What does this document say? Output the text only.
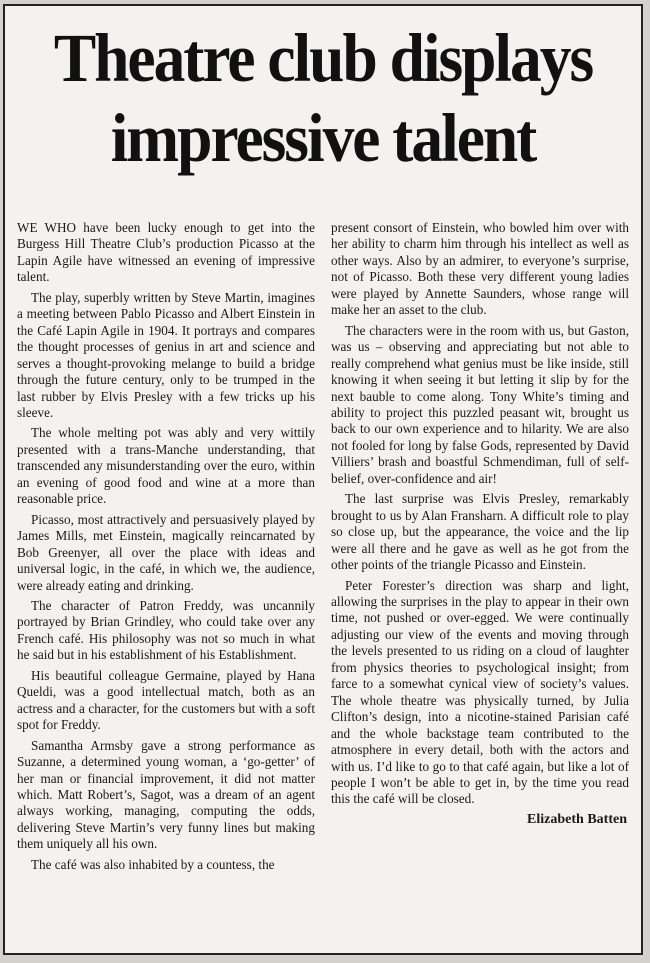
Theatre club displays
impressive talent

WE WHO have been lucky enough to get into the Burgess Hill Theatre Club’s production Picasso at the Lapin Agile have witnessed an evening of impressive talent.

The play, superbly written by Steve Martin, imagines a meeting between Pablo Picasso and Albert Einstein in the Café Lapin Agile in 1904. It portrays and compares the thought processes of genius in art and science and serves a thought-provoking melange to build a bridge through the future century, only to be trumped in the last rubber by Elvis Presley with a few tricks up his sleeve.

The whole melting pot was ably and very wittily presented with a trans-Manche understanding, that transcended any misunderstanding over the euro, within an evening of good food and wine at a more than reasonable price.

Picasso, most attractively and persuasively played by James Mills, met Einstein, magically reincarnated by Bob Greenyer, all over the place with ideas and universal logic, in the café, in which we, the audience, were already eating and drinking.

The character of Patron Freddy, was uncannily portrayed by Brian Grindley, who could take over any French café. His philosophy was not so much in what he said but in his establishment of his Establishment.

His beautiful colleague Germaine, played by Hana Queldi, was a good intellectual match, both as an actress and a character, for the customers but with a soft spot for Freddy.

Samantha Armsby gave a strong performance as Suzanne, a determined young woman, a ‘go-getter’ of her man or financial improvement, it did not matter which. Matt Robert’s, Sagot, was a dream of an agent always working, managing, computing the odds, delivering Steve Martin’s very funny lines but making them uniquely all his own.

The café was also inhabited by a countess, the

present consort of Einstein, who bowled him over with her ability to charm him through his intellect as well as other ways. Also by an admirer, to everyone’s surprise, not of Picasso. Both these very different young ladies were played by Annette Saunders, whose range will make her an asset to the club.

The characters were in the room with us, but Gaston, was us – observing and appreciating but not able to really comprehend what genius must be like inside, still knowing it when seeing it but letting it slip by for the next bauble to come along. Tony White’s timing and ability to project this puzzled peasant wit, brought us back to our own experience and to hilarity. We are also not fooled for long by false Gods, represented by David Villiers’ brash and boastful Schmendiman, full of self-belief, over-confidence and air!

The last surprise was Elvis Presley, remarkably brought to us by Alan Fransharn. A difficult role to play so close up, but the appearance, the voice and the lip were all there and he gave as well as he got from the other points of the triangle Picasso and Einstein.

Peter Forester’s direction was sharp and light, allowing the surprises in the play to appear in their own time, not pushed or over-egged. We were continually adjusting our view of the events and moving through the levels presented to us riding on a cloud of laughter from physics theories to psychological insight; from farce to a somewhat cynical view of society’s values. The whole theatre was physically turned, by Julia Clifton’s design, into a nicotine-stained Parisian café and the whole backstage team contributed to the atmosphere in every detail, both with the actors and with us. I’d like to go to that café again, but like a lot of people I won’t be able to get in, by the time you read this the café will be closed.

Elizabeth Batten
